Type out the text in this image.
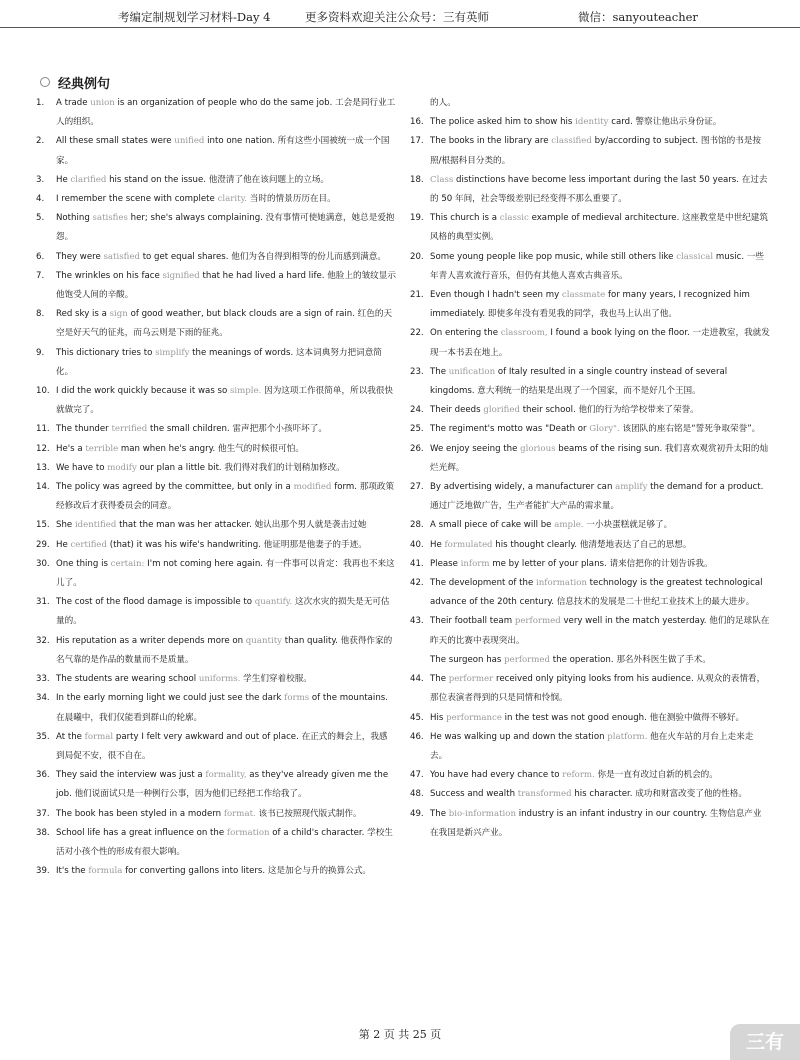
考编定制规划学习材料-Day 4	更多资料欢迎关注公众号：三有英师	微信：sanyouteacher
经典例句
1. A trade union is an organization of people who do the same job. 工会是同行业工人的组织。
2. All these small states were unified into one nation. 所有这些小国被统一成一个国家。
3. He clarified his stand on the issue. 他澄清了他在该问题上的立场。
4. I remember the scene with complete clarity. 当时的情景历历在目。
5. Nothing satisfies her; she's always complaining. 没有事情可使她满意，她总是爱抱怨。
6. They were satisfied to get equal shares. 他们为各自得到相等的份儿而感到满意。
7. The wrinkles on his face signified that he had lived a hard life. 他脸上的皱纹显示他饱受人间的辛酸。
8. Red sky is a sign of good weather, but black clouds are a sign of rain. 红色的天空是好天气的征兆，而乌云则是下雨的征兆。
9. This dictionary tries to simplify the meanings of words. 这本词典努力把词意简化。
10. I did the work quickly because it was so simple. 因为这项工作很简单，所以我很快就做完了。
11. The thunder terrified the small children. 雷声把那个小孩吓坏了。
12. He's a terrible man when he's angry. 他生气的时候很可怕。
13. We have to modify our plan a little bit. 我们得对我们的计划稍加修改。
14. The policy was agreed by the committee, but only in a modified form. 那项政策经修改后才获得委员会的同意。
15. She identified that the man was her attacker. 她认出那个男人就是袭击过她
29. He certified (that) it was his wife's handwriting. 他证明那是他妻子的手迹。
30. One thing is certain: I'm not coming here again. 有一件事可以肯定：我再也不来这儿了。
31. The cost of the flood damage is impossible to quantify. 这次水灾的损失是无可估量的。
32. His reputation as a writer depends more on quantity than quality. 他获得作家的名气靠的是作品的数量而不是质量。
33. The students are wearing school uniforms. 学生们穿着校服。
34. In the early morning light we could just see the dark forms of the mountains. 在晨曦中，我们仅能看到群山的轮廓。
35. At the formal party I felt very awkward and out of place. 在正式的舞会上，我感到局促不安，很不自在。
36. They said the interview was just a formality, as they've already given me the job. 他们说面试只是一种例行公事，因为他们已经把工作给我了。
37. The book has been styled in a modern format. 该书已按照现代版式制作。
38. School life has a great influence on the formation of a child's character. 学校生活对小孩个性的形成有很大影响。
39. It's the formula for converting gallons into liters. 这是加仑与升的换算公式。
的人。
16. The police asked him to show his identity card. 警察让他出示身份证。
17. The books in the library are classified by/according to subject. 图书馆的书是按照/根据科目分类的。
18. Class distinctions have become less important during the last 50 years. 在过去的 50 年间，社会等级差别已经变得不那么重要了。
19. This church is a classic example of medieval architecture. 这座教堂是中世纪建筑风格的典型实例。
20. Some young people like pop music, while still others like classical music. 一些年青人喜欢流行音乐，但仍有其他人喜欢古典音乐。
21. Even though I hadn't seen my classmate for many years, I recognized him immediately. 即使多年没有看见我的同学，我也马上认出了他。
22. On entering the classroom, I found a book lying on the floor. 一走进教室，我就发现一本书丢在地上。
23. The unification of Italy resulted in a single country instead of several kingdoms. 意大利统一的结果是出现了一个国家，而不是好几个王国。
24. Their deeds glorified their school. 他们的行为给学校带来了荣誉。
25. The regiment's motto was "Death or Glory". 该团队的座右铭是“誓死争取荣誉”。
26. We enjoy seeing the glorious beams of the rising sun. 我们喜欢观赏初升太阳的灿烂光辉。
27. By advertising widely, a manufacturer can amplify the demand for a product. 通过广泛地做广告，生产者能扩大产品的需求量。
28. A small piece of cake will be ample. 一小块蛋糕就足够了。
40. He formulated his thought clearly. 他清楚地表达了自己的思想。
41. Please inform me by letter of your plans. 请来信把你的计划告诉我。
42. The development of the information technology is the greatest technological advance of the 20th century. 信息技术的发展是二十世纪工业技术上的最大进步。
43. Their football team performed very well in the match yesterday. 他们的足球队在昨天的比赛中表现突出。
The surgeon has performed the operation. 那名外科医生做了手术。
44. The performer received only pitying looks from his audience. 从观众的表情看，那位表演者得到的只是同情和怜悯。
45. His performance in the test was not good enough. 他在测验中做得不够好。
46. He was walking up and down the station platform. 他在火车站的月台上走来走去。
47. You have had every chance to reform. 你是一直有改过自新的机会的。
48. Success and wealth transformed his character. 成功和财富改变了他的性格。
49. The bio-information industry is an infant industry in our country. 生物信息产业在我国是新兴产业。
第 2 页 共 25 页	三有
